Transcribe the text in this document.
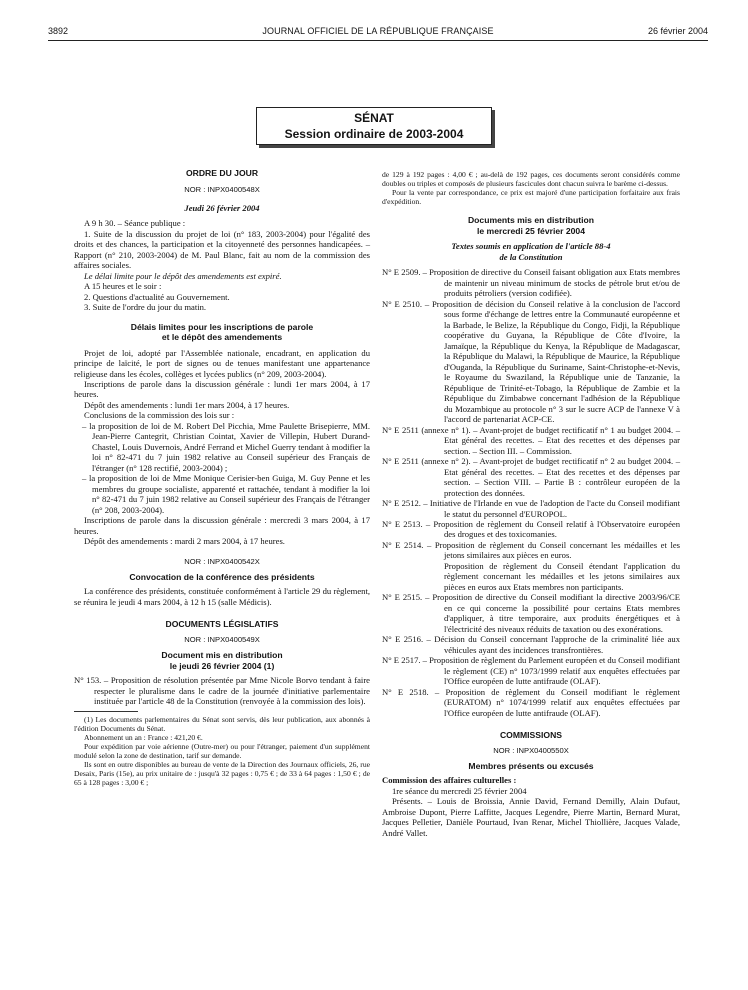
3892	JOURNAL OFFICIEL DE LA RÉPUBLIQUE FRANÇAISE	26 février 2004
SÉNAT
Session ordinaire de 2003-2004
ORDRE DU JOUR
NOR : INPX0400548X
Jeudi 26 février 2004

A 9 h 30. – Séance publique :

1. Suite de la discussion du projet de loi (n° 183, 2003-2004) pour l'égalité des droits et des chances, la participation et la citoyenneté des personnes handicapées. – Rapport (n° 210, 2003-2004) de M. Paul Blanc, fait au nom de la commission des affaires sociales.

Le délai limite pour le dépôt des amendements est expiré.

A 15 heures et le soir :

2. Questions d'actualité au Gouvernement.

3. Suite de l'ordre du jour du matin.

Délais limites pour les inscriptions de parole
et le dépôt des amendements

Projet de loi, adopté par l'Assemblée nationale, encadrant, en application du principe de laïcité, le port de signes ou de tenues manifestant une appartenance religieuse dans les écoles, collèges et lycées publics (n° 209, 2003-2004).

Inscriptions de parole dans la discussion générale : lundi 1er mars 2004, à 17 heures.

Dépôt des amendements : lundi 1er mars 2004, à 17 heures.

Conclusions de la commission des lois sur :

– la proposition de loi de M. Robert Del Picchia, Mme Paulette Brisepierre, MM. Jean-Pierre Cantegrit, Christian Cointat, Xavier de Villepin, Hubert Durand-Chastel, Louis Duvernois, André Ferrand et Michel Guerry tendant à modifier la loi n° 82-471 du 7 juin 1982 relative au Conseil supérieur des Français de l'étranger (n° 128 rectifié, 2003-2004) ;

– la proposition de loi de Mme Monique Cerisier-ben Guiga, M. Guy Penne et les membres du groupe socialiste, apparenté et rattachée, tendant à modifier la loi n° 82-471 du 7 juin 1982 relative au Conseil supérieur des Français de l'étranger (n° 208, 2003-2004).

Inscriptions de parole dans la discussion générale : mercredi 3 mars 2004, à 17 heures.

Dépôt des amendements : mardi 2 mars 2004, à 17 heures.

NOR : INPX0400542X
Convocation de la conférence des présidents

La conférence des présidents, constituée conformément à l'article 29 du règlement, se réunira le jeudi 4 mars 2004, à 12 h 15 (salle Médicis).

DOCUMENTS LÉGISLATIFS
NOR : INPX0400549X
Document mis en distribution
le jeudi 26 février 2004 (1)

N° 153. – Proposition de résolution présentée par Mme Nicole Borvo tendant à faire respecter le pluralisme dans le cadre de la journée d'initiative parlementaire instituée par l'article 48 de la Constitution (renvoyée à la commission des lois).

(1) Les documents parlementaires du Sénat sont servis, dès leur publication, aux abonnés à l'édition Documents du Sénat.

Abonnement un an : France : 421,20 €.

Pour expédition par voie aérienne (Outre-mer) ou pour l'étranger, paiement d'un supplément modulé selon la zone de destination, tarif sur demande.

Ils sont en outre disponibles au bureau de vente de la Direction des Journaux officiels, 26, rue Desaix, Paris (15e), au prix unitaire de : jusqu'à 32 pages : 0,75 € ; de 33 à 64 pages : 1,50 € ; de 65 à 128 pages : 3,00 € ;

de 129 à 192 pages : 4,00 € ; au-delà de 192 pages, ces documents seront considérés comme doubles ou triples et composés de plusieurs fascicules dont chacun suivra le barème ci-dessus.

Pour la vente par correspondance, ce prix est majoré d'une participation forfaitaire aux frais d'expédition.

Documents mis en distribution
le mercredi 25 février 2004
Textes soumis en application de l'article 88-4
de la Constitution

N° E 2509. – Proposition de directive du Conseil faisant obligation aux Etats membres de maintenir un niveau minimum de stocks de pétrole brut et/ou de produits pétroliers (version codifiée).

N° E 2510. – Proposition de décision du Conseil relative à la conclusion de l'accord sous forme d'échange de lettres entre la Communauté européenne et la Barbade, le Belize, la République du Congo, Fidji, la République coopérative du Guyana, la République de Côte d'Ivoire, la Jamaïque, la République du Kenya, la République de Madagascar, la République du Malawi, la République de Maurice, la République d'Ouganda, la République du Suriname, Saint-Christophe-et-Nevis, le Royaume du Swaziland, la République unie de Tanzanie, la République de Trinité-et-Tobago, la République de Zambie et la République du Zimbabwe concernant l'adhésion de la République du Mozambique au protocole n° 3 sur le sucre ACP de l'annexe V à l'accord de partenariat ACP-CE.

N° E 2511 (annexe n° 1). – Avant-projet de budget rectificatif n° 1 au budget 2004. – Etat général des recettes. – Etat des recettes et des dépenses par section. – Section III. – Commission.

N° E 2511 (annexe n° 2). – Avant-projet de budget rectificatif n° 2 au budget 2004. – Etat général des recettes. – Etat des recettes et des dépenses par section. – Section VIII. – Partie B : contrôleur européen de la protection des données.

N° E 2512. – Initiative de l'Irlande en vue de l'adoption de l'acte du Conseil modifiant le statut du personnel d'EUROPOL.

N° E 2513. – Proposition de règlement du Conseil relatif à l'Observatoire européen des drogues et des toxicomanies.

N° E 2514. – Proposition de règlement du Conseil concernant les médailles et les jetons similaires aux pièces en euros.

Proposition de règlement du Conseil étendant l'application du règlement concernant les médailles et les jetons similaires aux pièces en euros aux Etats membres non participants.

N° E 2515. – Proposition de directive du Conseil modifiant la directive 2003/96/CE en ce qui concerne la possibilité pour certains Etats membres d'appliquer, à titre temporaire, aux produits énergétiques et à l'électricité des niveaux réduits de taxation ou des exonérations.

N° E 2516. – Décision du Conseil concernant l'approche de la criminalité liée aux véhicules ayant des incidences transfrontières.

N° E 2517. – Proposition de règlement du Parlement européen et du Conseil modifiant le règlement (CE) n° 1073/1999 relatif aux enquêtes effectuées par l'Office européen de lutte antifraude (OLAF).

N° E 2518. – Proposition de règlement du Conseil modifiant le règlement (EURATOM) n° 1074/1999 relatif aux enquêtes effectuées par l'Office européen de lutte antifraude (OLAF).

COMMISSIONS
NOR : INPX0400550X
Membres présents ou excusés

Commission des affaires culturelles :

1re séance du mercredi 25 février 2004

Présents. – Louis de Broissia, Annie David, Fernand Demilly, Alain Dufaut, Ambroise Dupont, Pierre Laffitte, Jacques Legendre, Pierre Martin, Bernard Murat, Jacques Pelletier, Danièle Pourtaud, Ivan Renar, Michel Thiollière, Jacques Valade, André Vallet.
